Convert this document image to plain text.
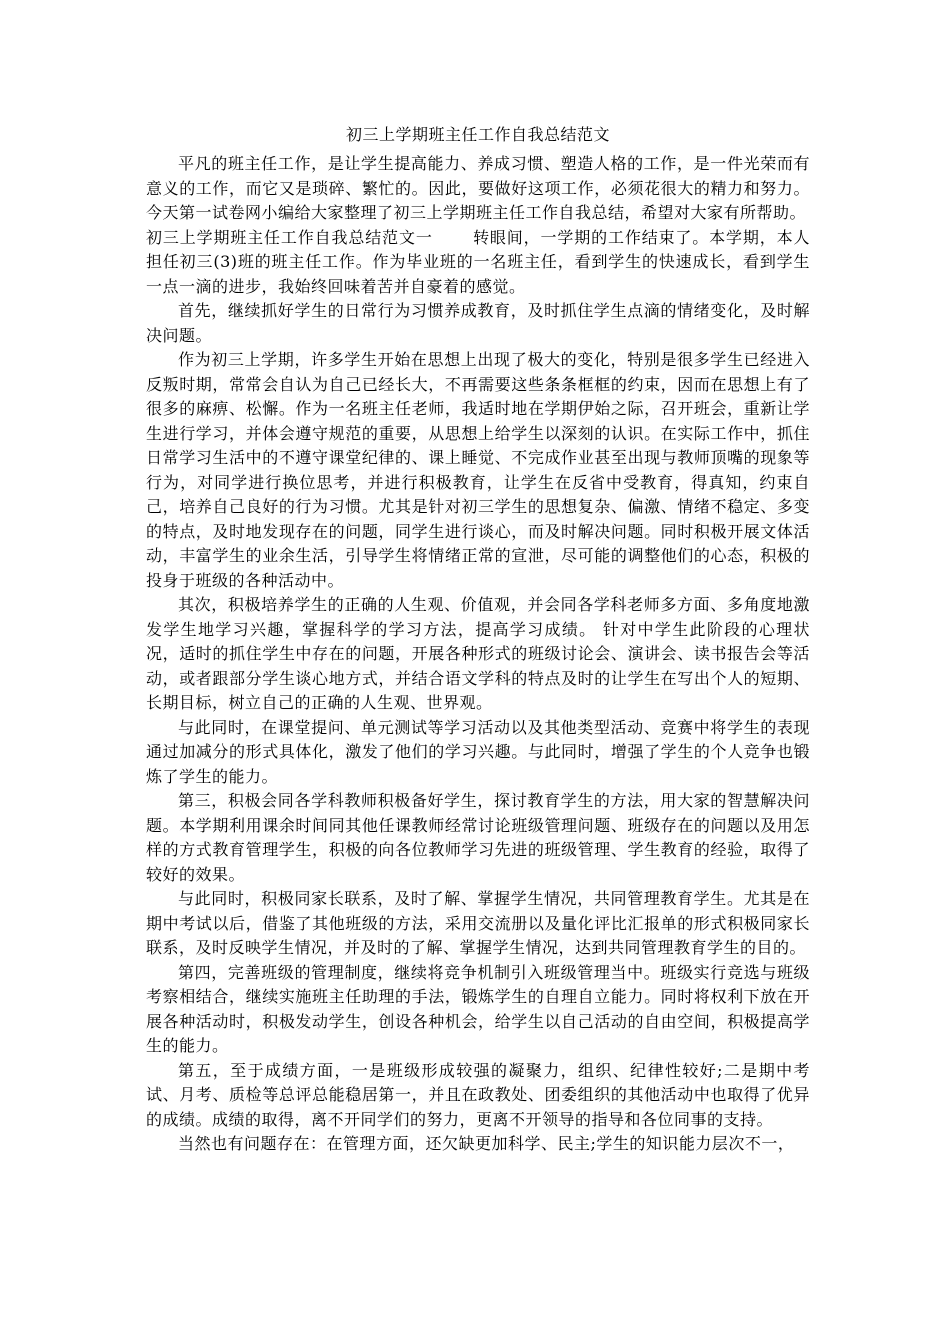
初三上学期班主任工作自我总结范文

平凡的班主任工作，是让学生提高能力、养成习惯、塑造人格的工作，是一件光荣而有意义的工作，而它又是琐碎、繁忙的。因此，要做好这项工作，必须花很大的精力和努力。今天第一试卷网小编给大家整理了初三上学期班主任工作自我总结，希望对大家有所帮助。

初三上学期班主任工作自我总结范文一	转眼间，一学期的工作结束了。本学期，本人担任初三(3)班的班主任工作。作为毕业班的一名班主任，看到学生的快速成长，看到学生一点一滴的进步，我始终回味着苦并自豪着的感觉。

首先，继续抓好学生的日常行为习惯养成教育，及时抓住学生点滴的情绪变化，及时解决问题。

作为初三上学期，许多学生开始在思想上出现了极大的变化，特别是很多学生已经进入反叛时期，常常会自认为自己已经长大，不再需要这些条条框框的约束，因而在思想上有了很多的麻痹、松懈。作为一名班主任老师，我适时地在学期伊始之际，召开班会，重新让学生进行学习，并体会遵守规范的重要，从思想上给学生以深刻的认识。在实际工作中，抓住日常学习生活中的不遵守课堂纪律的、课上睡觉、不完成作业甚至出现与教师顶嘴的现象等行为，对同学进行换位思考，并进行积极教育，让学生在反省中受教育，得真知，约束自己，培养自己良好的行为习惯。尤其是针对初三学生的思想复杂、偏激、情绪不稳定、多变的特点，及时地发现存在的问题，同学生进行谈心，而及时解决问题。同时积极开展文体活动，丰富学生的业余生活，引导学生将情绪正常的宣泄，尽可能的调整他们的心态，积极的投身于班级的各种活动中。

其次，积极培养学生的正确的人生观、价值观，并会同各学科老师多方面、多角度地激发学生地学习兴趣，掌握科学的学习方法，提高学习成绩。 针对中学生此阶段的心理状况，适时的抓住学生中存在的问题，开展各种形式的班级讨论会、演讲会、读书报告会等活动，或者跟部分学生谈心地方式，并结合语文学科的特点及时的让学生在写出个人的短期、长期目标，树立自己的正确的人生观、世界观。

与此同时，在课堂提问、单元测试等学习活动以及其他类型活动、竞赛中将学生的表现通过加减分的形式具体化，激发了他们的学习兴趣。与此同时，增强了学生的个人竞争也锻炼了学生的能力。

第三，积极会同各学科教师积极备好学生，探讨教育学生的方法，用大家的智慧解决问题。本学期利用课余时间同其他任课教师经常讨论班级管理问题、班级存在的问题以及用怎样的方式教育管理学生，积极的向各位教师学习先进的班级管理、学生教育的经验，取得了较好的效果。

与此同时，积极同家长联系，及时了解、掌握学生情况，共同管理教育学生。尤其是在期中考试以后，借鉴了其他班级的方法，采用交流册以及量化评比汇报单的形式积极同家长联系，及时反映学生情况，并及时的了解、掌握学生情况，达到共同管理教育学生的目的。

第四，完善班级的管理制度，继续将竞争机制引入班级管理当中。班级实行竞选与班级考察相结合，继续实施班主任助理的手法，锻炼学生的自理自立能力。同时将权利下放在开展各种活动时，积极发动学生，创设各种机会，给学生以自己活动的自由空间，积极提高学生的能力。

第五，至于成绩方面，一是班级形成较强的凝聚力，组织、纪律性较好;二是期中考试、月考、质检等总评总能稳居第一，并且在政教处、团委组织的其他活动中也取得了优异的成绩。成绩的取得，离不开同学们的努力，更离不开领导的指导和各位同事的支持。

当然也有问题存在：在管理方面，还欠缺更加科学、民主;学生的知识能力层次不一，
